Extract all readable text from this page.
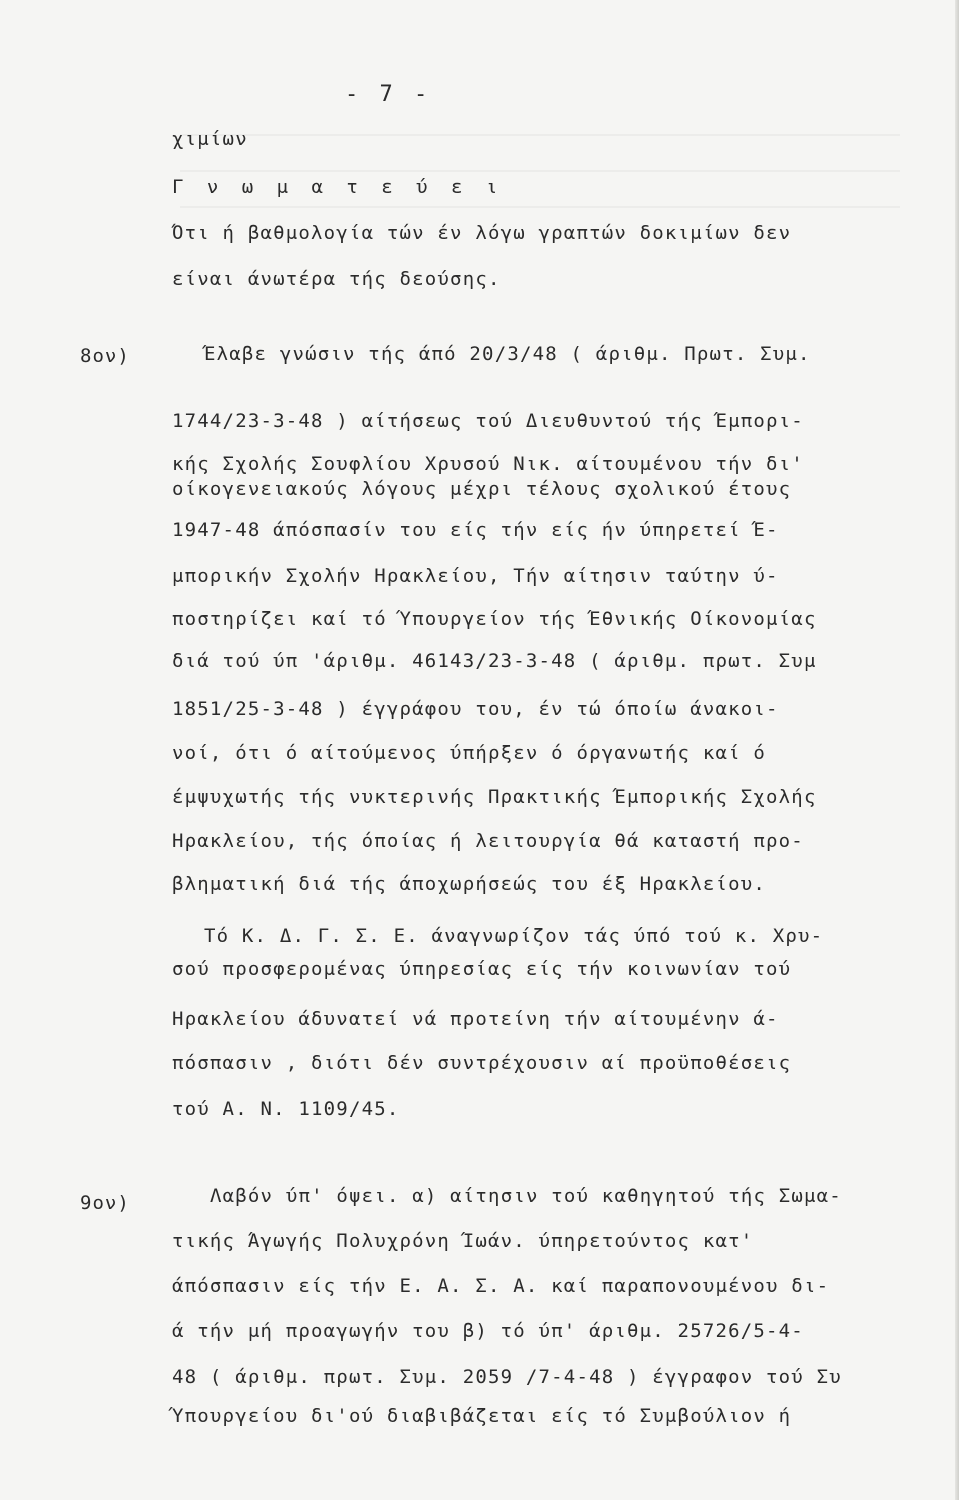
- 7 -
χιμίων
Γ ν ω μ α τ ε ύ ε ι
Ότι ή βαθμολογία τών έν λόγω γραπτών δοκιμίων δεν
είναι άνωτέρα τής δεούσης.
8ον)	Έλαβε γνώσιν τής άπό 20/3/48 ( άριθμ. Πρωτ. Συμ.
1744/23-3-48 ) αίτήσεως τού Διευθυντού τής Έμπορι-
κής Σχολής Σουφλίου Χρυσού Νικ. αίτουμένου τήν δι'
οίκογενειακούς λόγους μέχρι τέλους σχολικού έτους
1947-48 άπόσπασίν του είς τήν είς ήν ύπηρετεί Έ-
μπορικήν Σχολήν Ηρακλείου, Τήν αίτησιν ταύτην ύ-
ποστηρίζει καί τό Ύπουργείον τής Έθνικής Οίκονομίας
διά τού ύπ 'άριθμ. 46143/23-3-48 ( άριθμ. πρωτ. Συμ
1851/25-3-48 ) έγγράφου του, έν τώ όποίω άνακοι-
νοί, ότι ό αίτούμενος ύπήρξεν ό όργανωτής καί ό
έμψυχωτής τής νυκτερινής Πρακτικής Έμπορικής Σχολής
Ηρακλείου, τής όποίας ή λειτουργία θά καταστή προ-
βληματική διά τής άποχωρήσεώς του έξ Ηρακλείου.
Τό Κ. Δ. Γ. Σ. Ε. άναγνωρίζον τάς ύπό τού κ. Χρυ-
σού προσφερομένας ύπηρεσίας είς τήν κοινωνίαν τού
Ηρακλείου άδυνατεί νά προτείνη τήν αίτουμένην ά-
πόσπασιν , διότι δέν συντρέχουσιν αί προϋποθέσεις
τού Α. Ν. 1109/45.
9ον)	Λαβόν ύπ' όψει. α) αίτησιν τού καθηγητού τής Σωμα-
τικής Άγωγής Πολυχρόνη Ίωάν. ύπηρετούντος κατ'
άπόσπασιν είς τήν Ε. Α. Σ. Α. καί παραπονουμένου δι-
ά τήν μή προαγωγήν του β) τό ύπ' άριθμ. 25726/5-4-
48 ( άριθμ. πρωτ. Συμ. 2059 /7-4-48 ) έγγραφον τού Συ
Ύπουργείου δι'ού διαβιβάζεται είς τό Συμβούλιον ή
